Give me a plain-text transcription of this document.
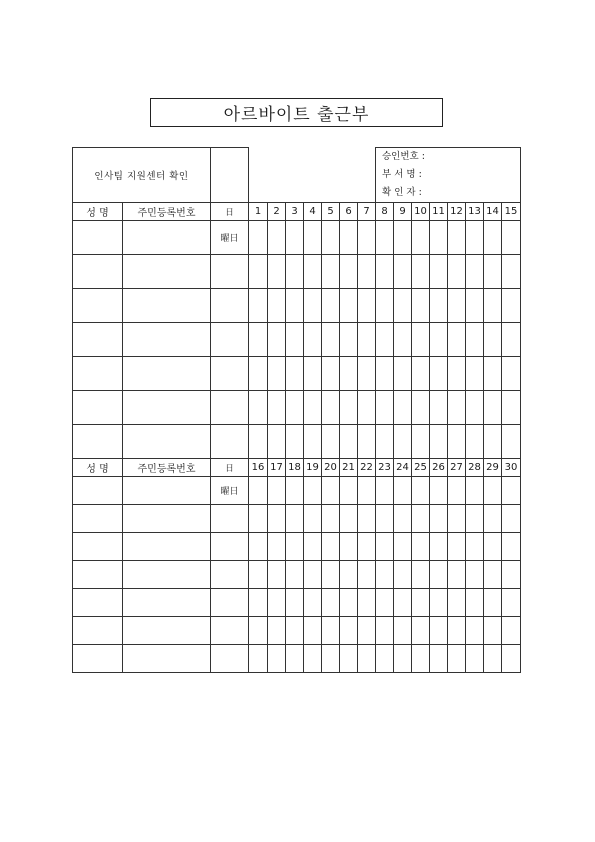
아르바이트 출근부
인사팀 지원센터 확인										승인번호 :
부 서 명 :
확 인 자 :							

성 명	주민등록번호	日	1	2	3	4	5	6	7	8	9	10	11	12	13	14	15
		曜日															

성 명	주민등록번호	日	16	17	18	19	20	21	22	23	24	25	26	27	28	29	30
		曜日															
